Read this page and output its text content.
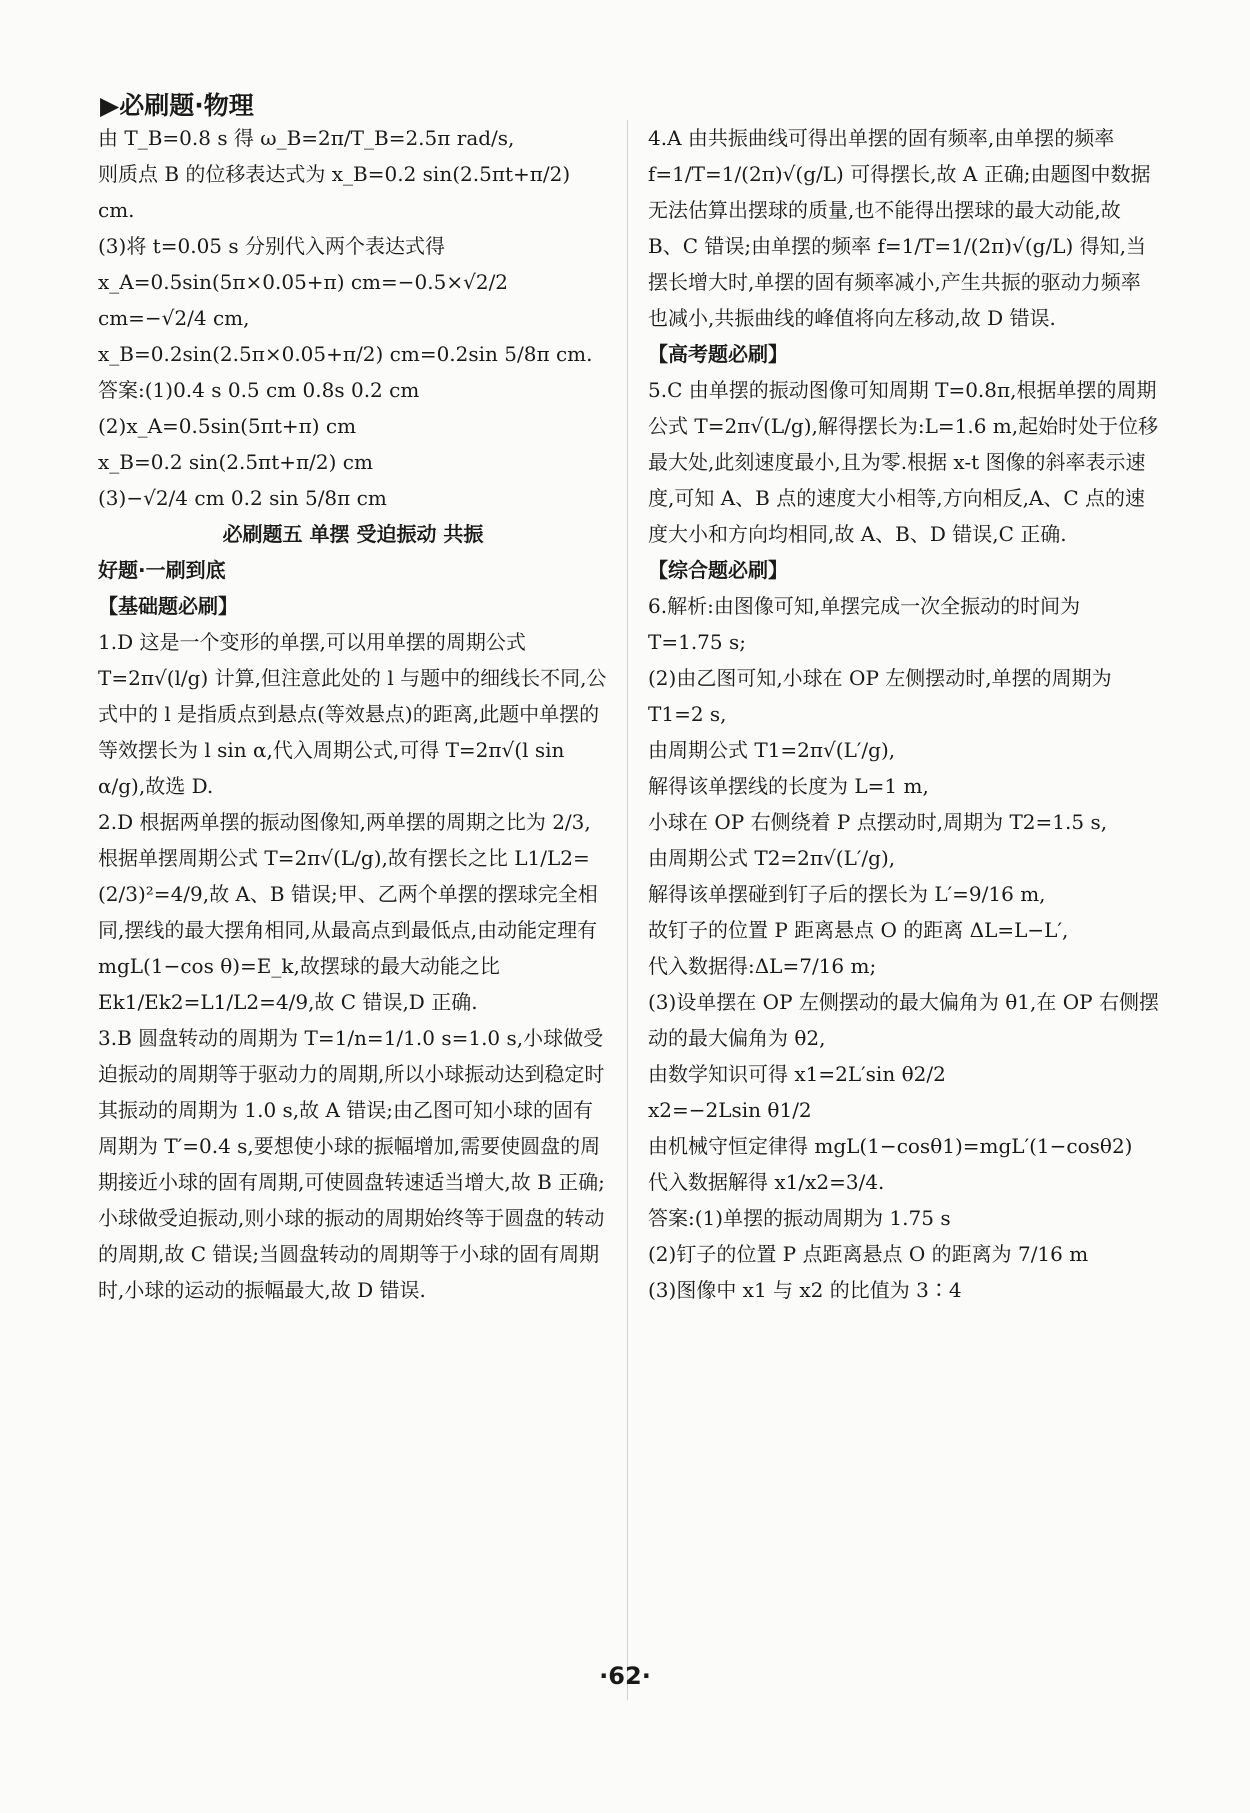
▶必刷题·物理

由 T_B=0.8 s 得 ω_B=2π/T_B=2.5π rad/s,

则质点 B 的位移表达式为 x_B=0.2 sin(2.5πt+π/2) cm.

(3)将 t=0.05 s 分别代入两个表达式得

x_A=0.5sin(5π×0.05+π) cm=−0.5×√2/2 cm=−√2/4 cm,

x_B=0.2sin(2.5π×0.05+π/2) cm=0.2sin 5/8π cm.

答案:(1)0.4 s 0.5 cm 0.8s 0.2 cm

(2)x_A=0.5sin(5πt+π) cm

x_B=0.2 sin(2.5πt+π/2) cm

(3)−√2/4 cm 0.2 sin 5/8π cm

必刷题五 单摆 受迫振动 共振

好题·一刷到底

【基础题必刷】

1.D 这是一个变形的单摆,可以用单摆的周期公式 T=2π√(l/g) 计算,但注意此处的 l 与题中的细线长不同,公式中的 l 是指质点到悬点(等效悬点)的距离,此题中单摆的等效摆长为 l sin α,代入周期公式,可得 T=2π√(l sin α/g),故选 D.

2.D 根据两单摆的振动图像知,两单摆的周期之比为 2/3,根据单摆周期公式 T=2π√(L/g),故有摆长之比 L1/L2=(2/3)²=4/9,故 A、B 错误;甲、乙两个单摆的摆球完全相同,摆线的最大摆角相同,从最高点到最低点,由动能定理有 mgL(1−cos θ)=E_k,故摆球的最大动能之比 Ek1/Ek2=L1/L2=4/9,故 C 错误,D 正确.

3.B 圆盘转动的周期为 T=1/n=1/1.0 s=1.0 s,小球做受迫振动的周期等于驱动力的周期,所以小球振动达到稳定时其振动的周期为 1.0 s,故 A 错误;由乙图可知小球的固有周期为 T′=0.4 s,要想使小球的振幅增加,需要使圆盘的周期接近小球的固有周期,可使圆盘转速适当增大,故 B 正确;小球做受迫振动,则小球的振动的周期始终等于圆盘的转动的周期,故 C 错误;当圆盘转动的周期等于小球的固有周期时,小球的运动的振幅最大,故 D 错误.

4.A 由共振曲线可得出单摆的固有频率,由单摆的频率 f=1/T=1/(2π)√(g/L) 可得摆长,故 A 正确;由题图中数据无法估算出摆球的质量,也不能得出摆球的最大动能,故 B、C 错误;由单摆的频率 f=1/T=1/(2π)√(g/L) 得知,当摆长增大时,单摆的固有频率减小,产生共振的驱动力频率也减小,共振曲线的峰值将向左移动,故 D 错误.

【高考题必刷】

5.C 由单摆的振动图像可知周期 T=0.8π,根据单摆的周期公式 T=2π√(L/g),解得摆长为:L=1.6 m,起始时处于位移最大处,此刻速度最小,且为零.根据 x-t 图像的斜率表示速度,可知 A、B 点的速度大小相等,方向相反,A、C 点的速度大小和方向均相同,故 A、B、D 错误,C 正确.

【综合题必刷】

6.解析:由图像可知,单摆完成一次全振动的时间为 T=1.75 s;

(2)由乙图可知,小球在 OP 左侧摆动时,单摆的周期为 T1=2 s,

由周期公式 T1=2π√(L′/g),

解得该单摆线的长度为 L=1 m,

小球在 OP 右侧绕着 P 点摆动时,周期为 T2=1.5 s,

由周期公式 T2=2π√(L′/g),

解得该单摆碰到钉子后的摆长为 L′=9/16 m,

故钉子的位置 P 距离悬点 O 的距离 ΔL=L−L′,

代入数据得:ΔL=7/16 m;

(3)设单摆在 OP 左侧摆动的最大偏角为 θ1,在 OP 右侧摆动的最大偏角为 θ2,

由数学知识可得 x1=2L′sin θ2/2

x2=−2Lsin θ1/2

由机械守恒定律得 mgL(1−cosθ1)=mgL′(1−cosθ2)

代入数据解得 x1/x2=3/4.

答案:(1)单摆的振动周期为 1.75 s

(2)钉子的位置 P 点距离悬点 O 的距离为 7/16 m

(3)图像中 x1 与 x2 的比值为 3∶4

·62·
